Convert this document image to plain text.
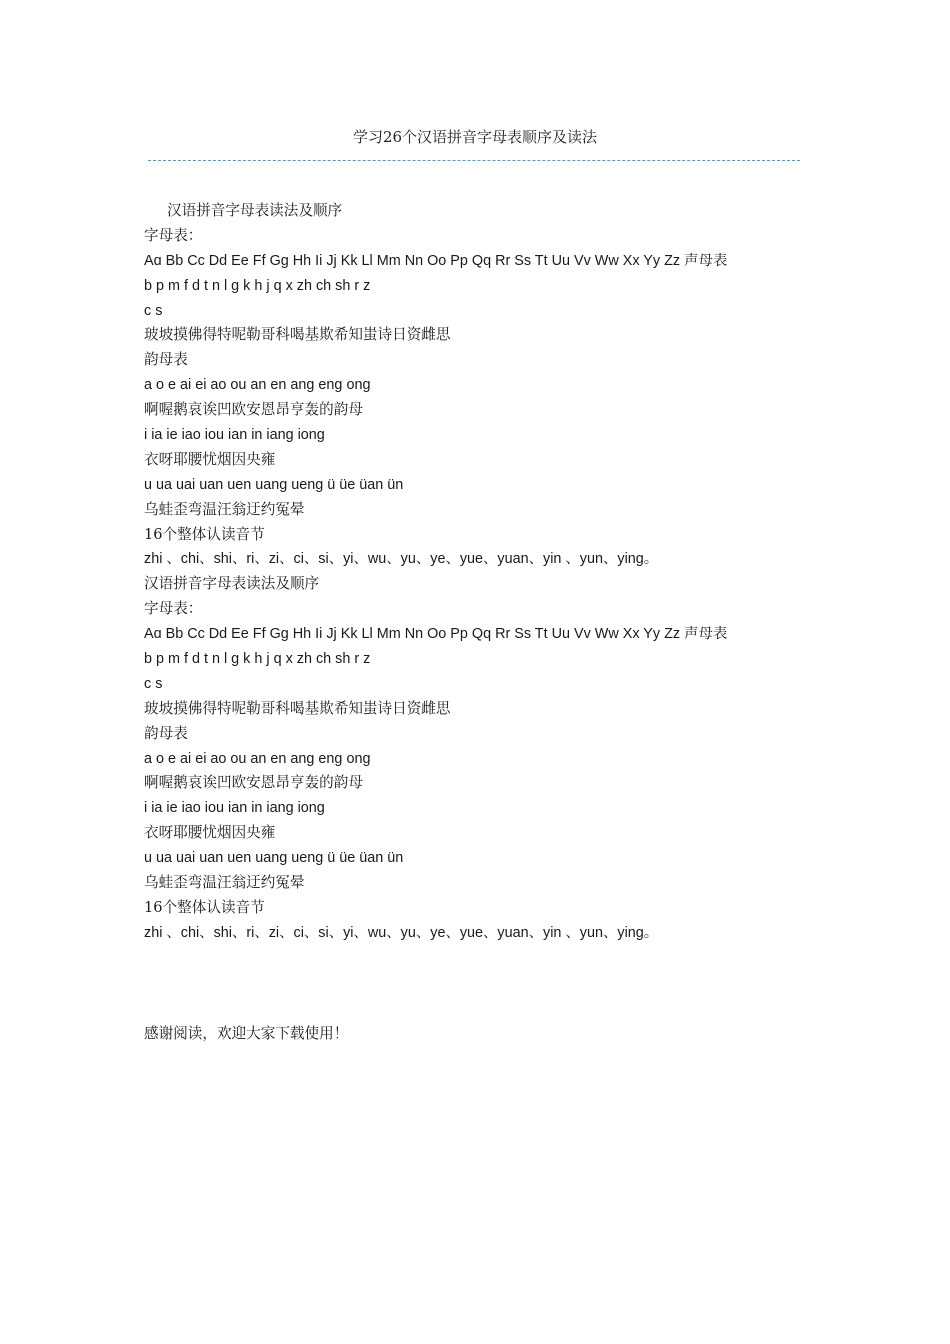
学习26个汉语拼音字母表顺序及读法
汉语拼音字母表读法及顺序
字母表：
Aɑ Bb Cc Dd Ee Ff Gg Hh Ii Jj Kk Ll Mm Nn Oo Pp Qq Rr Ss Tt Uu Vv Ww Xx Yy Zz 声母表
b p m f d t n l g k h j q x zh ch sh r z
c s
玻坡摸佛得特呢勒哥科喝基欺希知蚩诗日资雌思
韵母表
a o e ai ei ao ou an en ang eng ong
啊喔鹅哀诶凹欧安恩昂亨轰的韵母
i ia ie iao iou ian in iang iong
衣呀耶腰忧烟因央雍
u ua uai uan uen uang ueng ü üe üan ün
乌蛙歪弯温汪翁迂约冤晕
16个整体认读音节
zhi 、chi、shi、ri、zi、ci、si、yi、wu、yu、ye、yue、yuan、yin 、yun、ying。
汉语拼音字母表读法及顺序
字母表：
Aɑ Bb Cc Dd Ee Ff Gg Hh Ii Jj Kk Ll Mm Nn Oo Pp Qq Rr Ss Tt Uu Vv Ww Xx Yy Zz 声母表
b p m f d t n l g k h j q x zh ch sh r z
c s
玻坡摸佛得特呢勒哥科喝基欺希知蚩诗日资雌思
韵母表
a o e ai ei ao ou an en ang eng ong
啊喔鹅哀诶凹欧安恩昂亨轰的韵母
i ia ie iao iou ian in iang iong
衣呀耶腰忧烟因央雍
u ua uai uan uen uang ueng ü üe üan ün
乌蛙歪弯温汪翁迂约冤晕
16个整体认读音节
zhi 、chi、shi、ri、zi、ci、si、yi、wu、yu、ye、yue、yuan、yin 、yun、ying。
感谢阅读，欢迎大家下载使用！
